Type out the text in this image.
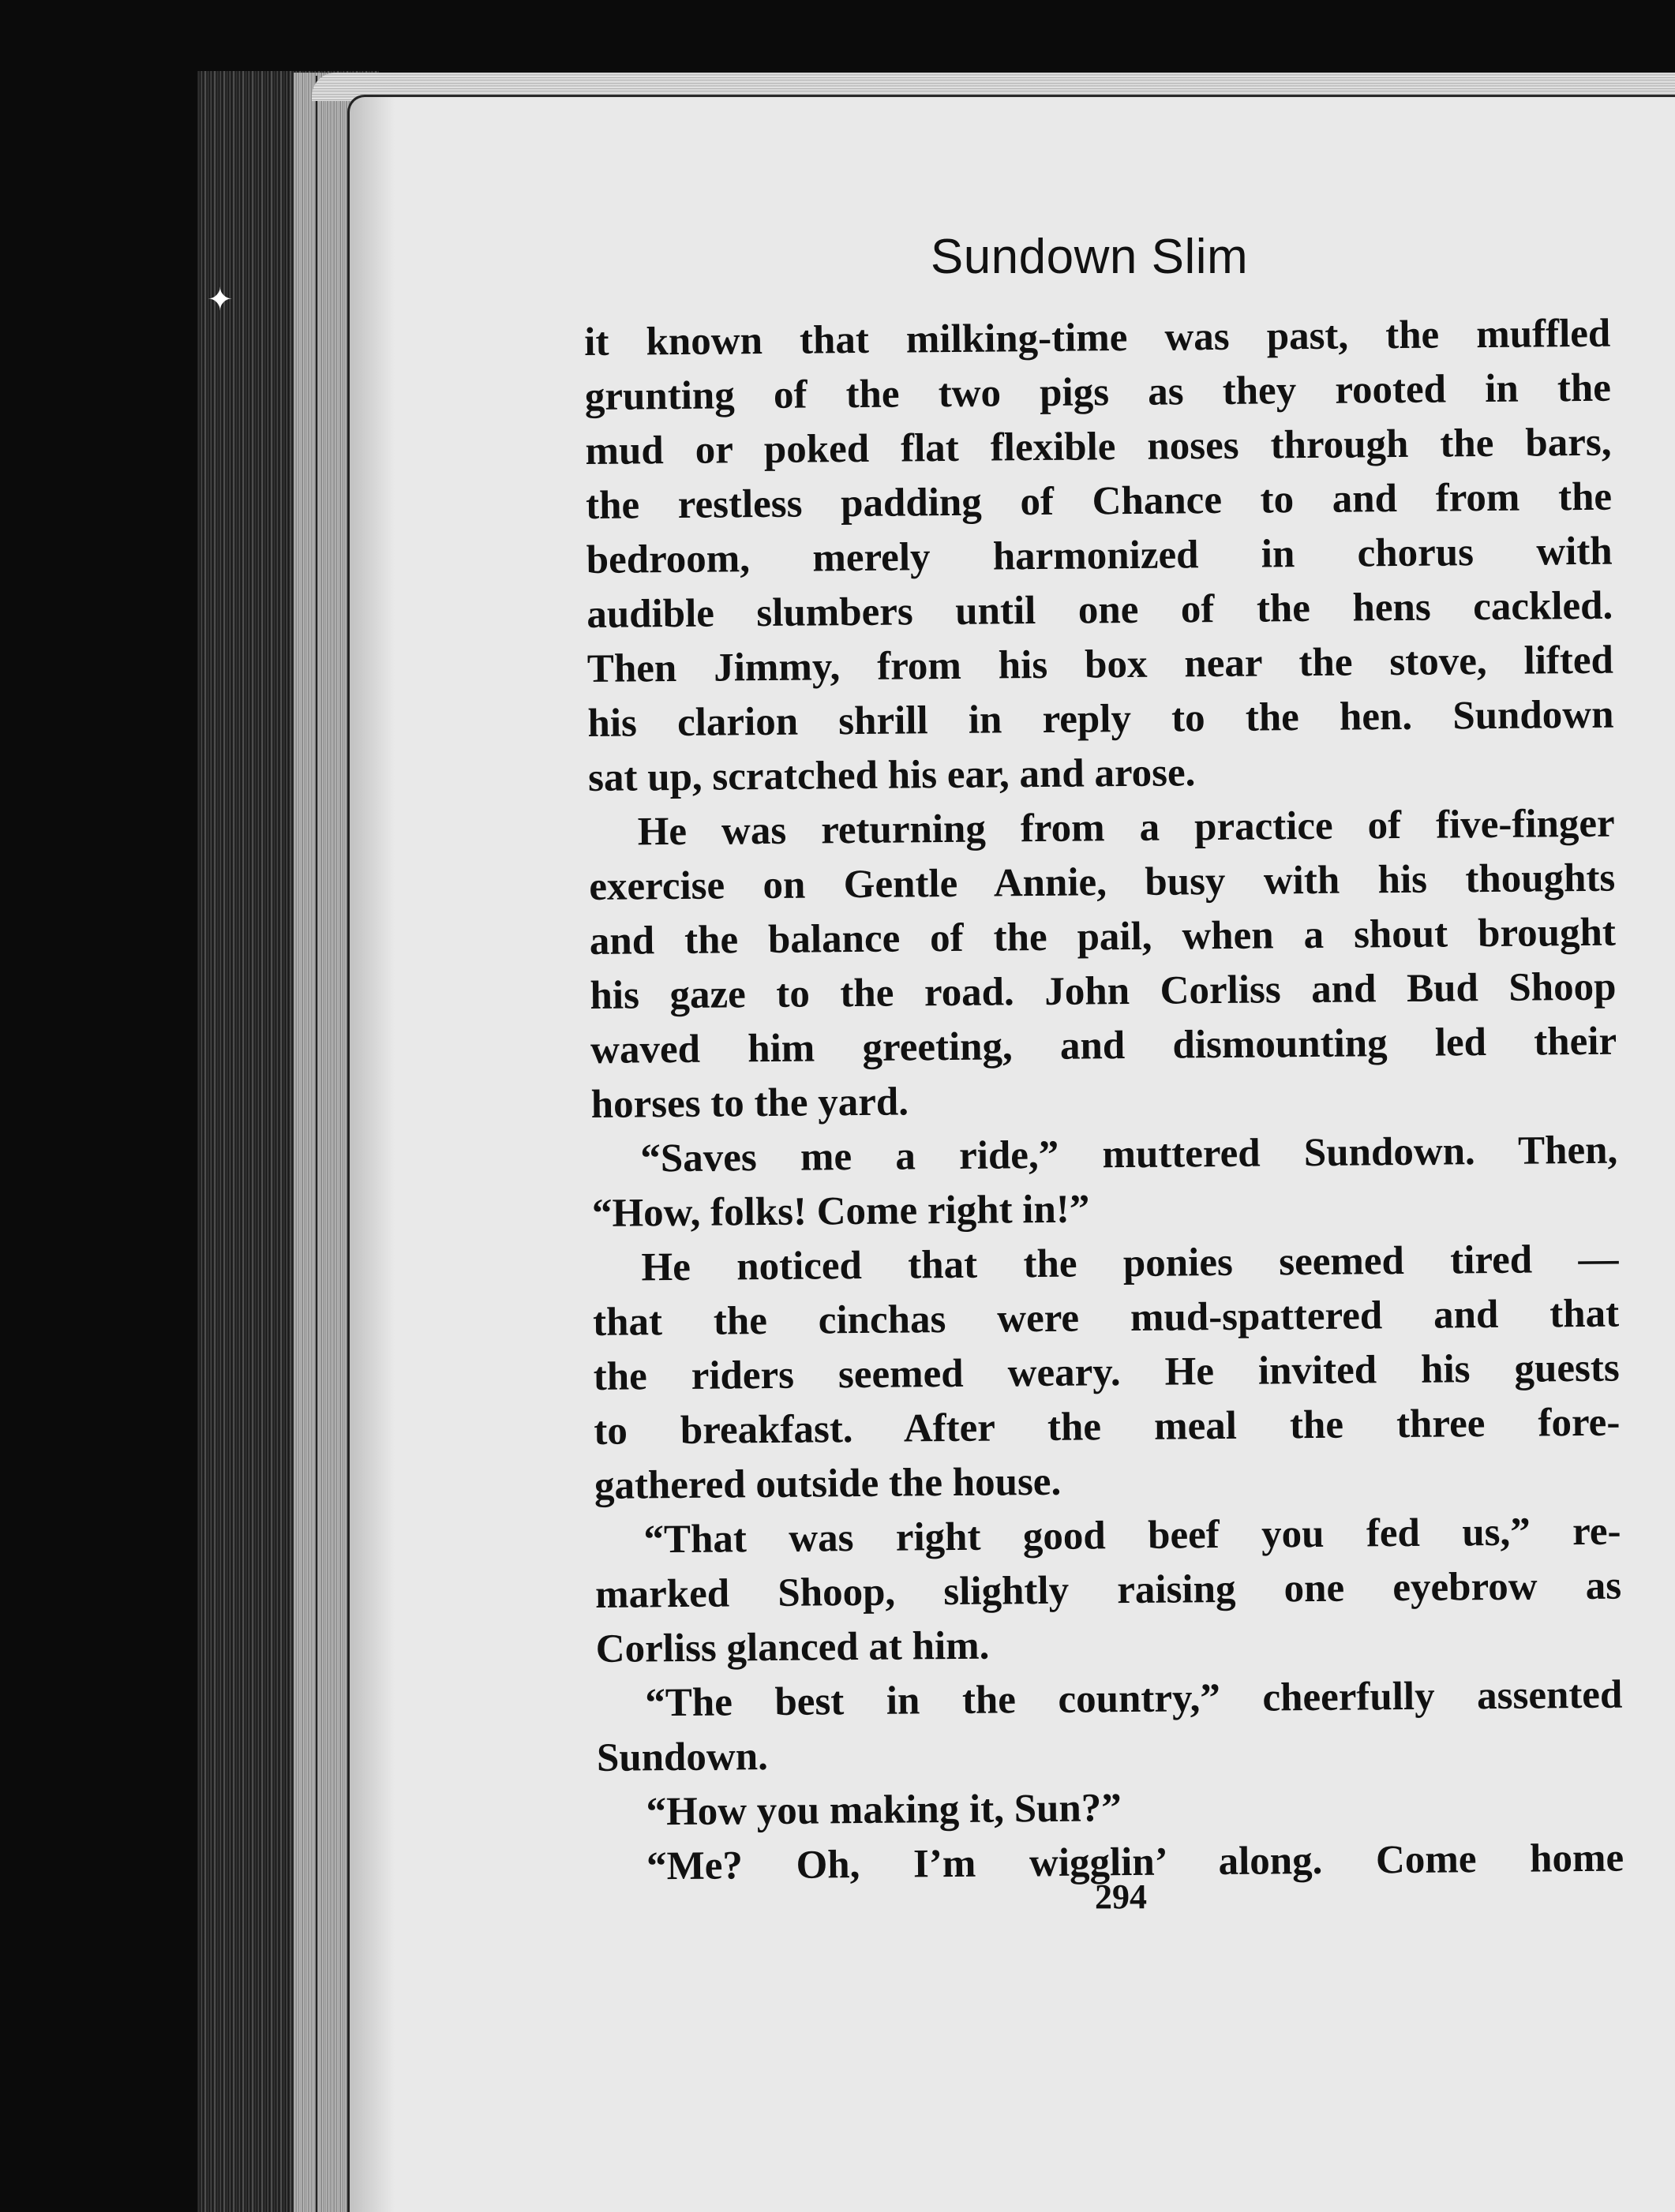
✦
Sundown Slim

it known that milking-time was past, the muffled

grunting of the two pigs as they rooted in the

mud or poked flat flexible noses through the bars,

the restless padding of Chance to and from the

bedroom, merely harmonized in chorus with

audible slumbers until one of the hens cackled.

Then Jimmy, from his box near the stove, lifted

his clarion shrill in reply to the hen. Sundown

sat up, scratched his ear, and arose.

He was returning from a practice of five-finger

exercise on Gentle Annie, busy with his thoughts

and the balance of the pail, when a shout brought

his gaze to the road. John Corliss and Bud Shoop

waved him greeting, and dismounting led their

horses to the yard.

“Saves me a ride,” muttered Sundown. Then,

“How, folks! Come right in!”

He noticed that the ponies seemed tired —

that the cinchas were mud-spattered and that

the riders seemed weary. He invited his guests

to breakfast. After the meal the three fore-

gathered outside the house.

“That was right good beef you fed us,” re-

marked Shoop, slightly raising one eyebrow as

Corliss glanced at him.

“The best in the country,” cheerfully assented

Sundown.

“How you making it, Sun?”

“Me? Oh, I’m wigglin’ along. Come home

294
